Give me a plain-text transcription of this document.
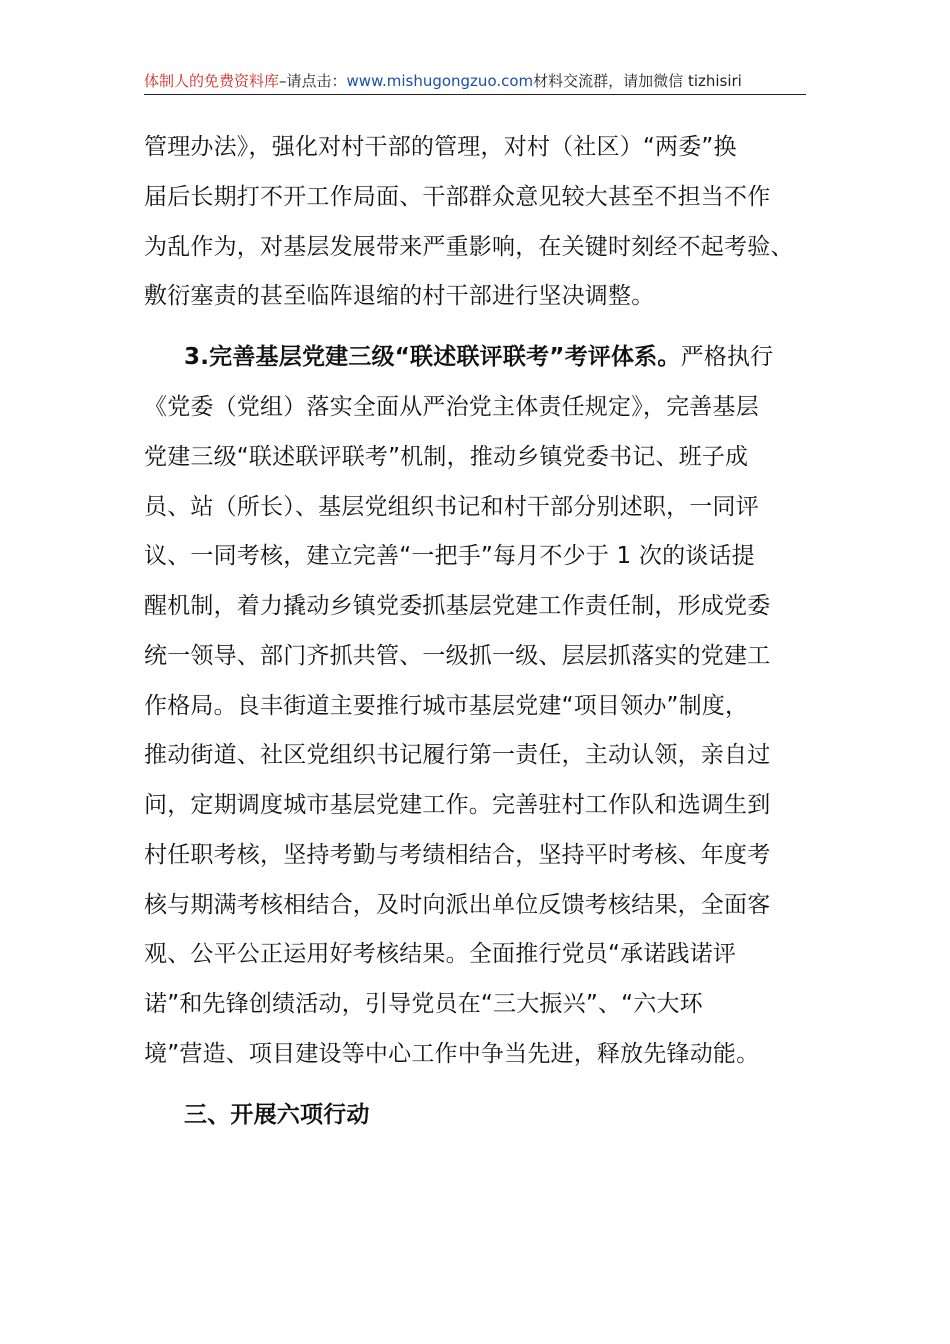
体制人的免费资料库–请点击：www.mishugongzuo.com材料交流群，请加微信 tizhisiri
管理办法》，强化对村干部的管理，对村（社区）“两委”换
届后长期打不开工作局面、干部群众意见较大甚至不担当不作
为乱作为，对基层发展带来严重影响，在关键时刻经不起考验、
敷衍塞责的甚至临阵退缩的村干部进行坚决调整。
3.完善基层党建三级“联述联评联考”考评体系。严格执行
《党委（党组）落实全面从严治党主体责任规定》，完善基层
党建三级“联述联评联考”机制，推动乡镇党委书记、班子成
员、站（所长）、基层党组织书记和村干部分别述职，一同评
议、一同考核，建立完善“一把手”每月不少于 1 次的谈话提
醒机制，着力撬动乡镇党委抓基层党建工作责任制，形成党委
统一领导、部门齐抓共管、一级抓一级、层层抓落实的党建工
作格局。良丰街道主要推行城市基层党建“项目领办”制度，
推动街道、社区党组织书记履行第一责任，主动认领，亲自过
问，定期调度城市基层党建工作。完善驻村工作队和选调生到
村任职考核，坚持考勤与考绩相结合，坚持平时考核、年度考
核与期满考核相结合，及时向派出单位反馈考核结果，全面客
观、公平公正运用好考核结果。全面推行党员“承诺践诺评
诺”和先锋创绩活动，引导党员在“三大振兴”、“六大环
境”营造、项目建设等中心工作中争当先进，释放先锋动能。
三、开展六项行动
